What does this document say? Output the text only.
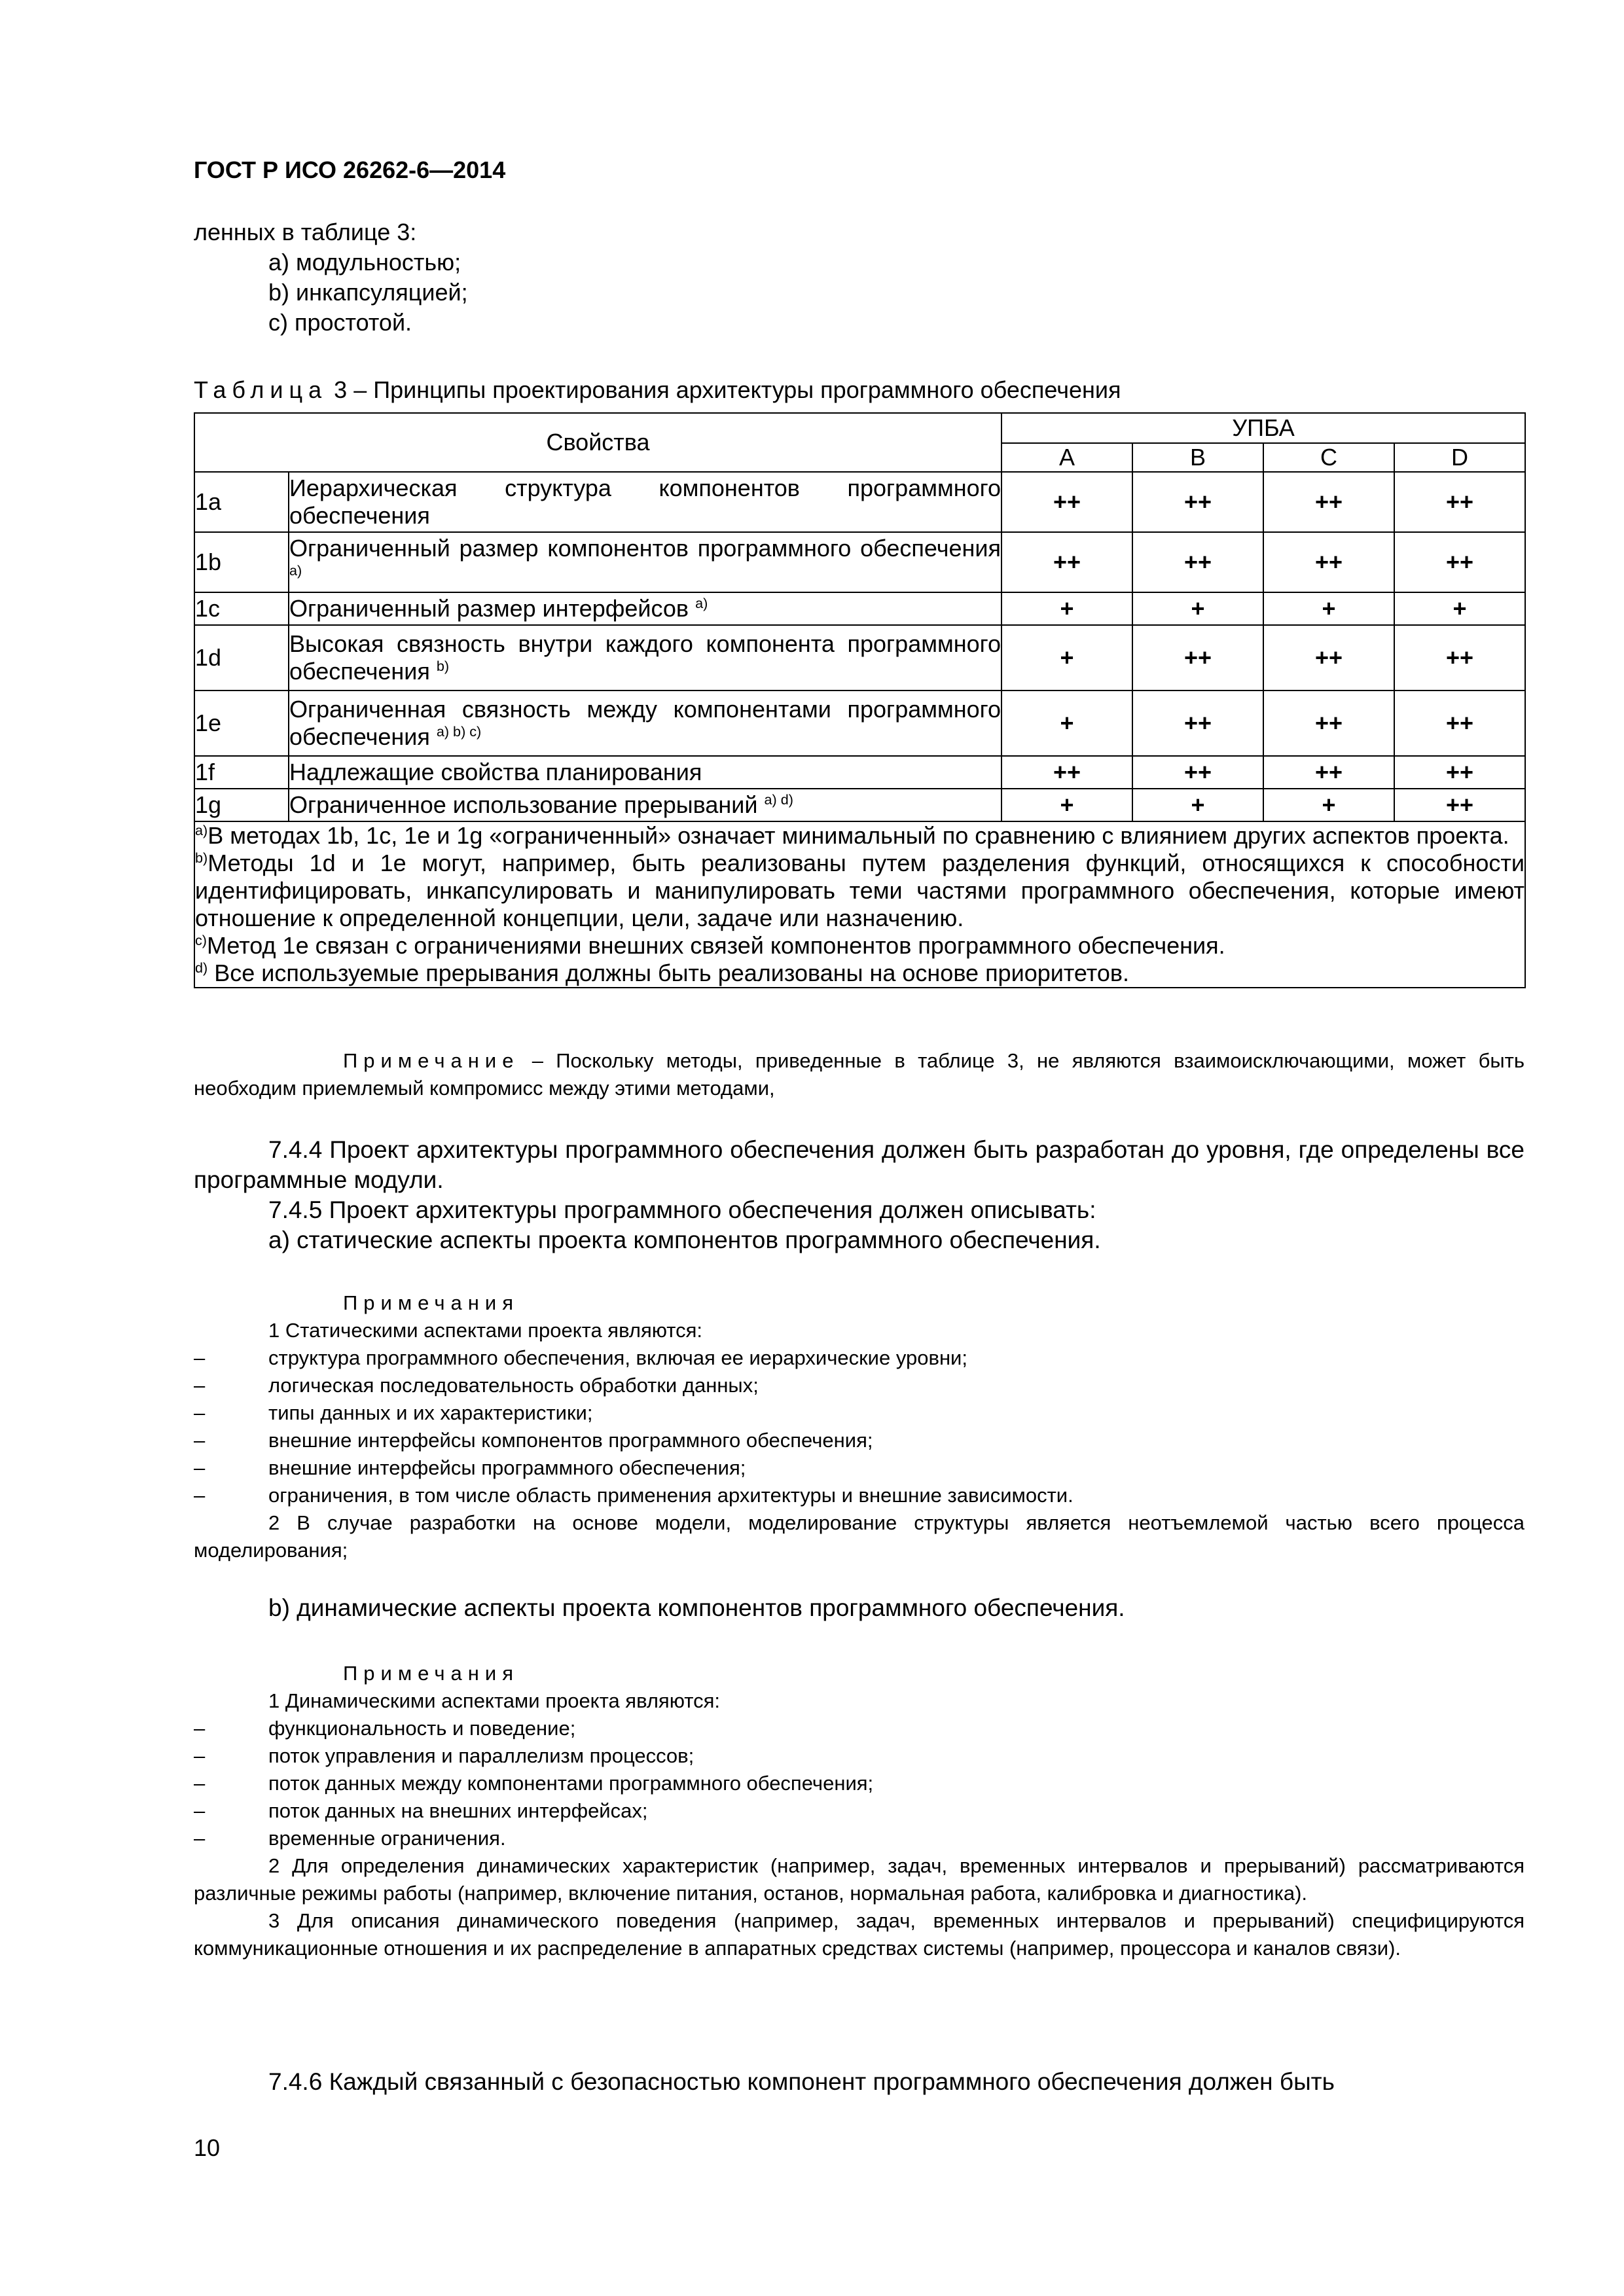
ГОСТ Р ИСО 26262-6—2014
ленных в таблице 3:
a) модульностью;
b) инкапсуляцией;
c) простотой.
Таблица 3 – Принципы проектирования архитектуры программного обеспечения
Свойства		УПБА			
		A	B	C	D
1a	Иерархическая структура компонентов программного обеспечения	++	++	++	++
1b	Ограниченный размер компонентов программного обеспечения $^{a)}$	++	++	++	++
1c	Ограниченный размер интерфейсов $^{a)}$	+	+	+	+
1d	Высокая связность внутри каждого компонента программного обеспечения $^{b)}$	+	++	++	++
1e	Ограниченная связность между компонентами программного обеспечения $^{a) b) c)}$	+	++	++	++
1f	Надлежащие свойства планирования	++	++	++	++
1g	Ограниченное использование прерываний $^{a) d)}$	+	+	+	++

$^{a)}$В методах 1b, 1c, 1e и 1g «ограниченный» означает минимальный по сравнению с влиянием других аспектов проекта.

$^{b)}$Методы 1d и 1e могут, например, быть реализованы путем разделения функций, относящихся к способности идентифицировать, инкапсулировать и манипулировать теми частями программного обеспечения, которые имеют отношение к определенной концепции, цели, задаче или назначению.

$^{c)}$Метод 1e связан с ограничениями внешних связей компонентов программного обеспечения.

$^{d)}$ Все используемые прерывания должны быть реализованы на основе приоритетов.					

Примечание – Поскольку методы, приведенные в таблице 3, не являются взаимоисключающими, может быть необходим приемлемый компромисс между этими методами,

7.4.4 Проект архитектуры программного обеспечения должен быть разработан до уровня, где определены все программные модули.

7.4.5 Проект архитектуры программного обеспечения должен описывать:

a) статические аспекты проекта компонентов программного обеспечения.

Примечания

1 Статическими аспектами проекта являются:

–	структура программного обеспечения, включая ее иерархические уровни;
–	логическая последовательность обработки данных;
–	типы данных и их характеристики;
–	внешние интерфейсы компонентов программного обеспечения;
–	внешние интерфейсы программного обеспечения;
–	ограничения, в том числе область применения архитектуры и внешние зависимости.

2 В случае разработки на основе модели, моделирование структуры является неотъемлемой частью всего процесса моделирования;

b) динамические аспекты проекта компонентов программного обеспечения.

Примечания

1 Динамическими аспектами проекта являются:

–	функциональность и поведение;
–	поток управления и параллелизм процессов;
–	поток данных между компонентами программного обеспечения;
–	поток данных на внешних интерфейсах;
–	временные ограничения.

2 Для определения динамических характеристик (например, задач, временных интервалов и прерываний) рассматриваются различные режимы работы (например, включение питания, останов, нормальная работа, калибровка и диагностика).

3 Для описания динамического поведения (например, задач, временных интервалов и прерываний) специфицируются коммуникационные отношения и их распределение в аппаратных средствах системы (например, процессора и каналов связи).

7.4.6 Каждый связанный с безопасностью компонент программного обеспечения должен быть

10
